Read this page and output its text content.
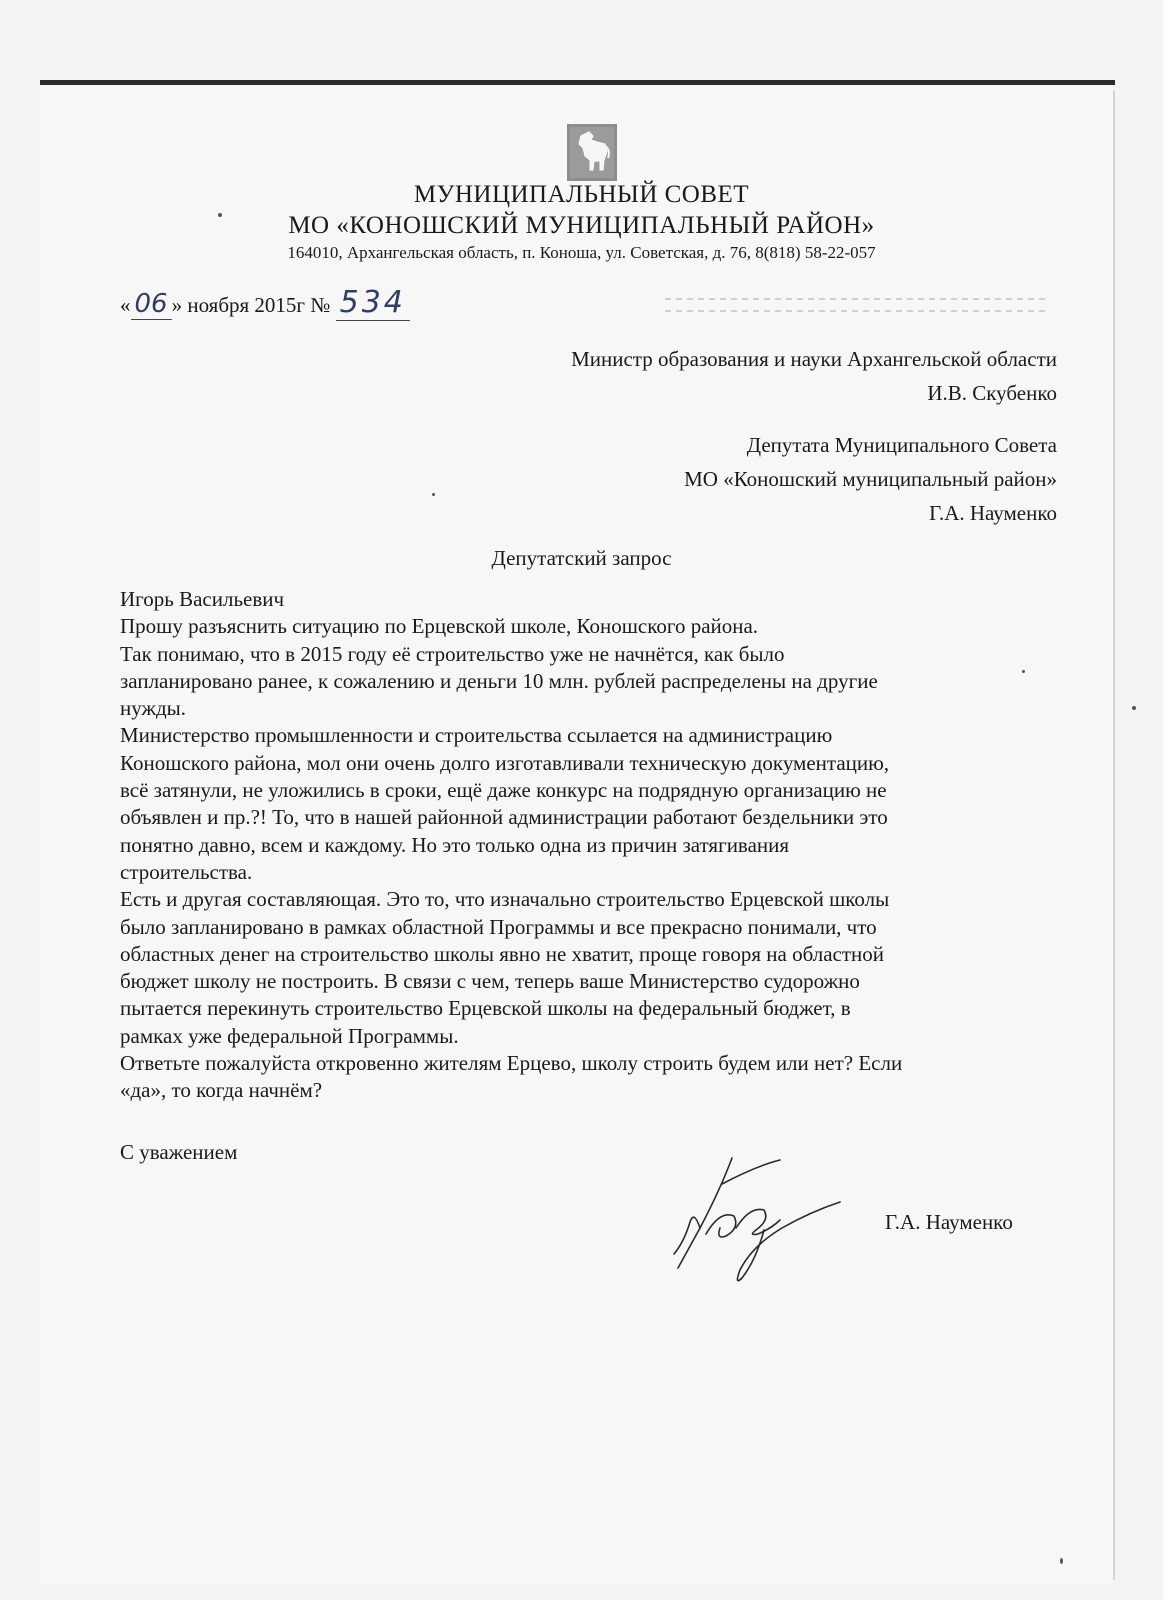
МУНИЦИПАЛЬНЫЙ СОВЕТ
МО «КОНОШСКИЙ МУНИЦИПАЛЬНЫЙ РАЙОН»
164010, Архангельская область, п. Коноша, ул. Советская, д. 76, 8(818) 58-22-057
« 06 » ноября 2015г № 534
Министр образования и науки Архангельской области
И.В. Скубенко
Депутата Муниципального Совета
МО «Коношский муниципальный район»
Г.А. Науменко
Депутатский запрос
Игорь Васильевич
Прошу разъяснить ситуацию по Ерцевской школе, Коношского района.
Так понимаю, что в 2015 году её строительство уже не начнётся, как было
запланировано ранее, к сожалению и деньги 10 млн. рублей распределены на другие
нужды.
Министерство промышленности и строительства ссылается на администрацию
Коношского района, мол они очень долго изготавливали техническую документацию,
всё затянули, не уложились в сроки, ещё даже конкурс на подрядную организацию не
объявлен и пр.?! То, что в нашей районной администрации работают бездельники это
понятно давно, всем и каждому. Но это только одна из причин затягивания
строительства.
Есть и другая составляющая. Это то, что изначально строительство Ерцевской школы
было запланировано в рамках областной Программы и все прекрасно понимали, что
областных денег на строительство школы явно не хватит, проще говоря на областной
бюджет школу не построить. В связи с чем, теперь ваше Министерство судорожно
пытается перекинуть строительство Ерцевской школы на федеральный бюджет, в
рамках уже федеральной Программы.
Ответьте пожалуйста откровенно жителям Ерцево, школу строить будем или нет? Если
«да», то когда начнём?
С уважением
Г.А. Науменко
